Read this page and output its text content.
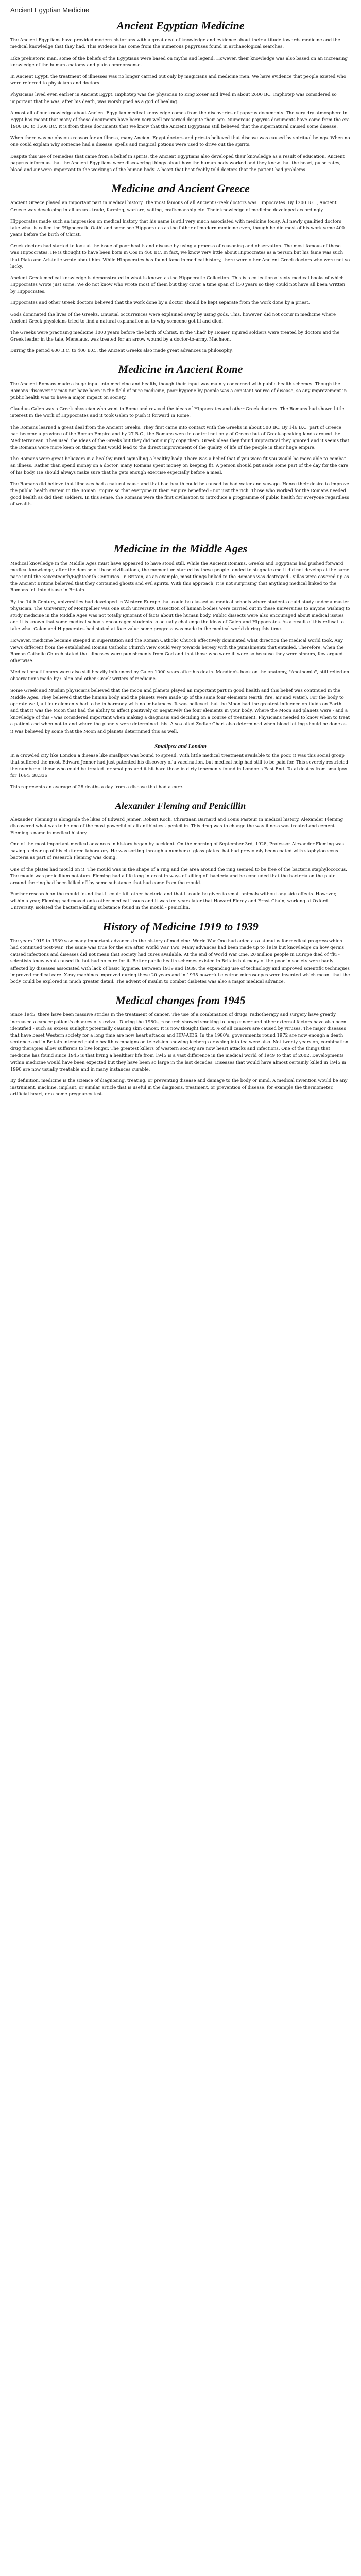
Ancient Egyptian Medicine
Ancient Egyptian Medicine

The Ancient Egyptians have provided modern historians with a great deal of knowledge and evidence about their attitude towards medicine and the medical knowledge that they had. This evidence has come from the numerous papyruses found in archaeological searches.

Like prehistoric man, some of the beliefs of the Egyptians were based on myths and legend. However, their knowledge was also based on an increasing knowledge of the human anatomy and plain commonsense.

In Ancient Egypt, the treatment of illnesses was no longer carried out only by magicians and medicine men. We have evidence that people existed who were referred to physicians and doctors.

Physicians lived even earlier in Ancient Egypt. Imphotep was the physician to King Zoser and lived in about 2600 BC. Imphotep was considered so important that he was, after his death, was worshipped as a god of healing.

Almost all of our knowledge about Ancient Egyptian medical knowledge comes from the discoveries of papyrus documents. The very dry atmosphere in Egypt has meant that many of these documents have been very well preserved despite their age. Numerous papyrus documents have come from the era 1900 BC to 1500 BC. It is from these documents that we know that the Ancient Egyptians still believed that the supernatural caused some disease.

When there was no obvious reason for an illness, many Ancient Egypt doctors and priests believed that disease was caused by spiritual beings. When no one could explain why someone had a disease, spells and magical potions were used to drive out the spirits.

Despite this use of remedies that came from a belief in spirits, the Ancient Egyptians also developed their knowledge as a result of education. Ancient papyrus inform us that the Ancient Egyptians were discovering things about how the human body worked and they knew that the heart, pulse rates, blood and air were important to the workings of the human body. A heart that beat feebly told doctors that the patient had problems.

Medicine and Ancient Greece

Ancient Greece played an important part in medical history. The most famous of all Ancient Greek doctors was Hippocrates. By 1200 B.C., Ancient Greece was developing in all areas - trade, farming, warfare, sailing, craftsmanship etc. Their knowledge of medicine developed accordingly.

Hippocrates made such an impression on medical history that his name is still very much associated with medicine today. All newly qualified doctors take what is called the 'Hippocratic Oath' and some see Hippocrates as the father of modern medicine even, though he did most of his work some 400 years before the birth of Christ.

Greek doctors had started to look at the issue of poor health and disease by using a process of reasoning and observation. The most famous of these was Hippocrates. He is thought to have been born in Cos in 460 BC. In fact, we know very little about Hippocrates as a person but his fame was such that Plato and Aristotle wrote about him. While Hippocrates has found fame in medical history, there were other Ancient Greek doctors who were not so lucky.

Ancient Greek medical knowledge is demonstrated in what is known as the Hippocratic Collection. This is a collection of sixty medical books of which Hippocrates wrote just some. We do not know who wrote most of them but they cover a time span of 150 years so they could not have all been written by Hippocrates.

Hippocrates and other Greek doctors believed that the work done by a doctor should be kept separate from the work done by a priest.

Gods dominated the lives of the Greeks. Unusual occurrences were explained away by using gods. This, however, did not occur in medicine where Ancient Greek physicians tried to find a natural explanation as to why someone got ill and died.

The Greeks were practising medicine 1000 years before the birth of Christ. In the 'Iliad' by Homer, injured soldiers were treated by doctors and the Greek leader in the tale, Menelaus, was treated for an arrow wound by a doctor-to-army, Machaon.

During the period 600 B.C. to 400 B.C., the Ancient Greeks also made great advances in philosophy.

Medicine in Ancient Rome

The Ancient Romans made a huge input into medicine and health, though their input was mainly concerned with public health schemes. Though the Romans 'discoveries' may not have been in the field of pure medicine, poor hygiene by people was a constant source of disease, so any improvement in public health was to have a major impact on society.

Claudius Galen was a Greek physician who went to Rome and revived the ideas of Hippocrates and other Greek doctors. The Romans had shown little interest in the work of Hippocrates and it took Galen to push it forward in Rome.

The Romans learned a great deal from the Ancient Greeks. They first came into contact with the Greeks in about 500 BC. By 146 B.C. part of Greece had become a province of the Roman Empire and by 27 B.C., the Romans were in control not only of Greece but of Greek-speaking lands around the Mediterranean. They used the ideas of the Greeks but they did not simply copy them. Greek ideas they found impractical they ignored and it seems that the Romans were more keen on things that would lead to the direct improvement of the quality of life of the people in their huge empire.

The Romans were great believers in a healthy mind signalling a healthy body. There was a belief that if you were fit you would be more able to combat an illness. Rather than spend money on a doctor, many Romans spent money on keeping fit. A person should put aside some part of the day for the care of his body. He should always make sure that he gets enough exercise especially before a meal.

The Romans did believe that illnesses had a natural cause and that bad health could be caused by bad water and sewage. Hence their desire to improve the public health system in the Roman Empire so that everyone in their empire benefited - not just the rich. Those who worked for the Romans needed good health as did their soldiers. In this sense, the Romans were the first civilisation to introduce a programme of public health for everyone regardless of wealth.

Medicine in the Middle Ages

Medical knowledge in the Middle Ages must have appeared to have stood still. While the Ancient Romans, Greeks and Egyptians had pushed forward medical knowledge, after the demise of these civilisations, the momentum started by these people tended to stagnate and it did not develop at the same pace until the Seventeenth/Eighteenth Centuries. In Britain, as an example, most things linked to the Romans was destroyed - villas were covered up as the Ancient Britons believed that they contained ghosts and evil spirits. With this approach, it is not surprising that anything medical linked to the Romans fell into disuse in Britain.

By the 14th Century, universities had developed in Western Europe that could be classed as medical schools where students could study under a master physician. The University of Montpellier was one such university. Dissection of human bodies were carried out in these universities to anyone wishing to study medicine in the Middle Ages was not totally ignorant of facts about the human body. Public dissects were also encouraged about medical issues and it is known that some medical schools encouraged students to actually challenge the ideas of Galen and Hippocrates. As a result of this refusal to take what Galen and Hippocrates had stated at face value some progress was made in the medical world during this time.

However, medicine became steeped in superstition and the Roman Catholic Church effectively dominated what direction the medical world took. Any views different from the established Roman Catholic Church view could very towards heresy with the punishments that entailed. Therefore, when the Roman Catholic Church stated that illnesses were punishments from God and that those who were ill were so because they were sinners, few argued otherwise.

Medical practitioners were also still heavily influenced by Galen 1000 years after his death. Mondino's book on the anatomy, "Anothomia", still relied on observations made by Galen and other Greek writers of medicine.

Some Greek and Muslim physicians believed that the moon and planets played an important part in good health and this belief was continued in the Middle Ages. They believed that the human body and the planets were made up of the same four elements (earth, fire, air and water). For the body to operate well, all four elements had to be in harmony with no imbalances. It was believed that the Moon had the greatest influence on fluids on Earth and that it was the Moon that had the ability to affect positively or negatively the four elements in your body. Where the Moon and planets were - and a knowledge of this - was considered important when making a diagnosis and deciding on a course of treatment. Physicians needed to know when to treat a patient and when not to and where the planets were determined this. A so-called Zodiac Chart also determined when blood letting should be done as it was believed by some that the Moon and planets determined this as well.

Smallpox and London

In a crowded city like London a disease like smallpox was bound to spread. With little medical treatment available to the poor, it was this social group that suffered the most. Edward Jenner had just patented his discovery of a vaccination, but medical help had still to be paid for. This severely restricted the number of those who could be treated for smallpox and it hit hard those in dirty tenements found in London's East End. Total deaths from smallpox for 1664: 38,336

This represents an average of 28 deaths a day from a disease that had a cure.

Alexander Fleming and Penicillin

Alexander Fleming is alongside the likes of Edward Jenner, Robert Koch, Christiaan Barnard and Louis Pasteur in medical history. Alexander Fleming discovered what was to be one of the most powerful of all antibiotics - penicillin. This drug was to change the way illness was treated and cement Fleming's name in medical history.

One of the most important medical advances in history began by accident. On the morning of September 3rd, 1928, Professor Alexander Fleming was having a clear up of his cluttered laboratory. He was sorting through a number of glass plates that had previously been coated with staphylococcus bacteria as part of research Fleming was doing.

One of the plates had mould on it. The mould was in the shape of a ring and the area around the ring seemed to be free of the bacteria staphylococcus. The mould was penicillium notatum. Fleming had a life long interest in ways of killing off bacteria and he concluded that the bacteria on the plate around the ring had been killed off by some substance that had come from the mould.

Further research on the mould found that it could kill other bacteria and that it could be given to small animals without any side effects. However, within a year, Fleming had moved onto other medical issues and it was ten years later that Howard Florey and Ernst Chain, working at Oxford University, isolated the bacteria-killing substance found in the mould - penicillin.

History of Medicine 1919 to 1939

The years 1919 to 1939 saw many important advances in the history of medicine. World War One had acted as a stimulus for medical progress which had continued post-war. The same was true for the era after World War Two. Many advances had been made up to 1919 but knowledge on how germs caused infections and diseases did not mean that society had cures available. At the end of World War One, 20 million people in Europe died of 'flu - scientists knew what caused flu but had no cure for it. Better public health schemes existed in Britain but many of the poor in society were badly affected by diseases associated with lack of basic hygiene. Between 1919 and 1939, the expanding use of technology and improved scientific techniques improved medical care. X-ray machines improved during these 20 years and in 1935 powerful electron microscopes were invented which meant that the body could be explored in much greater detail. The advent of insulin to combat diabetes was also a major medical advance.

Medical changes from 1945

Since 1945, there have been massive strides in the treatment of cancer. The use of a combination of drugs, radiotherapy and surgery have greatly increased a cancer patient's chances of survival. During the 1980s, research showed smoking to lung cancer and other external factors have also been identified - such as excess sunlight potentially causing skin cancer. It is now thought that 35% of all cancers are caused by viruses. The major diseases that have beset Western society for a long time are now heart attacks and HIV-AIDS. In the 1980's, governments round 1972 are now enough a death sentence and in Britain intended public health campaigns on television showing icebergs crashing into tea were also. Not twenty years on, combination drug therapies allow sufferers to live longer. The greatest killers of western society are now heart attacks and infections. One of the things that medicine has found since 1945 is that living a healthier life from 1945 is a vast difference in the medical world of 1949 to that of 2002. Developments within medicine would have been expected but they have been so large in the last decades. Diseases that would have almost certainly killed in 1945 in 1990 are now usually treatable and in many instances curable.

By definition, medicine is the science of diagnosing, treating, or preventing disease and damage to the body or mind. A medical invention would be any instrument, machine, implant, or similar article that is useful in the diagnosis, treatment, or prevention of disease, for example the thermometer, artificial heart, or a home pregnancy test.
